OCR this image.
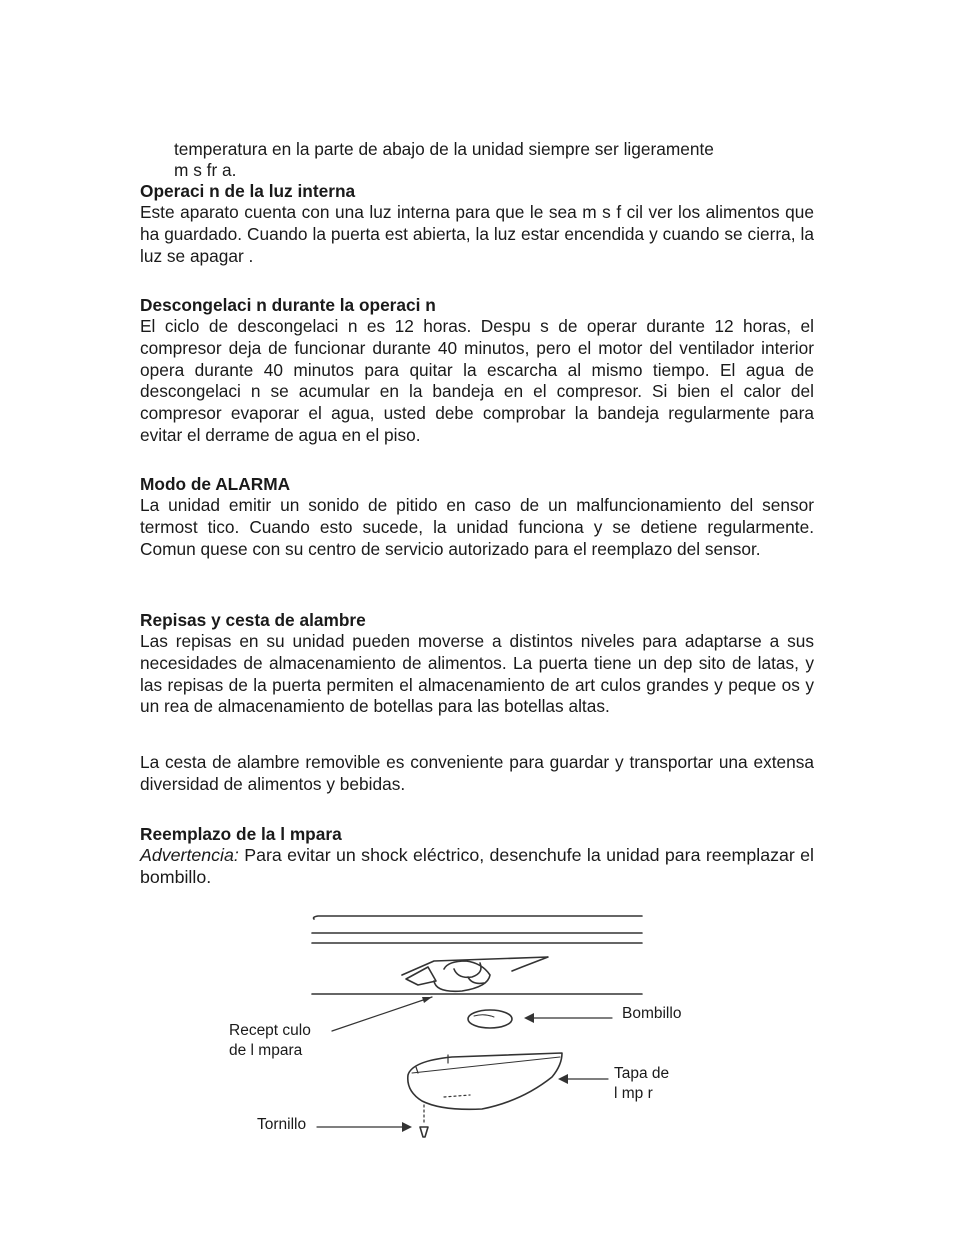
temperatura en la parte de abajo de la unidad siempre ser ligeramente

m s fr a.

Operaci n de la luz interna

Este aparato cuenta con una luz interna para que le sea m s f cil ver los alimentos que ha guardado. Cuando la puerta est abierta, la luz estar encendida y cuando se cierra, la luz se apagar .

Descongelaci n durante la operaci n

El ciclo de descongelaci n es 12 horas. Despu s de operar durante 12 horas, el compresor deja de funcionar durante 40 minutos, pero el motor del ventilador interior opera durante 40 minutos para quitar la escarcha al mismo tiempo. El agua de descongelaci n se acumular en la bandeja en el compresor. Si bien el calor del compresor evaporar el agua, usted debe comprobar la bandeja regularmente para evitar el derrame de agua en el piso.

Modo de ALARMA

La unidad emitir un sonido de pitido en caso de un malfuncionamiento del sensor termost tico. Cuando esto sucede, la unidad funciona y se detiene regularmente. Comun quese con su centro de servicio autorizado para el reemplazo del sensor.

Repisas y cesta de alambre

Las repisas en su unidad pueden moverse a distintos niveles para adaptarse a sus necesidades de almacenamiento de alimentos. La puerta tiene un dep sito de latas, y las repisas de la puerta permiten el almacenamiento de art culos grandes y peque os y un rea de almacenamiento de botellas para las botellas altas.

La cesta de alambre removible es conveniente para guardar y transportar una extensa diversidad de alimentos y bebidas.

Reemplazo de la l mpara

Advertencia: Para evitar un shock eléctrico, desenchufe la unidad para reemplazar el bombillo.

Recept culo
de l mpara
Bombillo
Tapa de
l mp r
Tornillo
